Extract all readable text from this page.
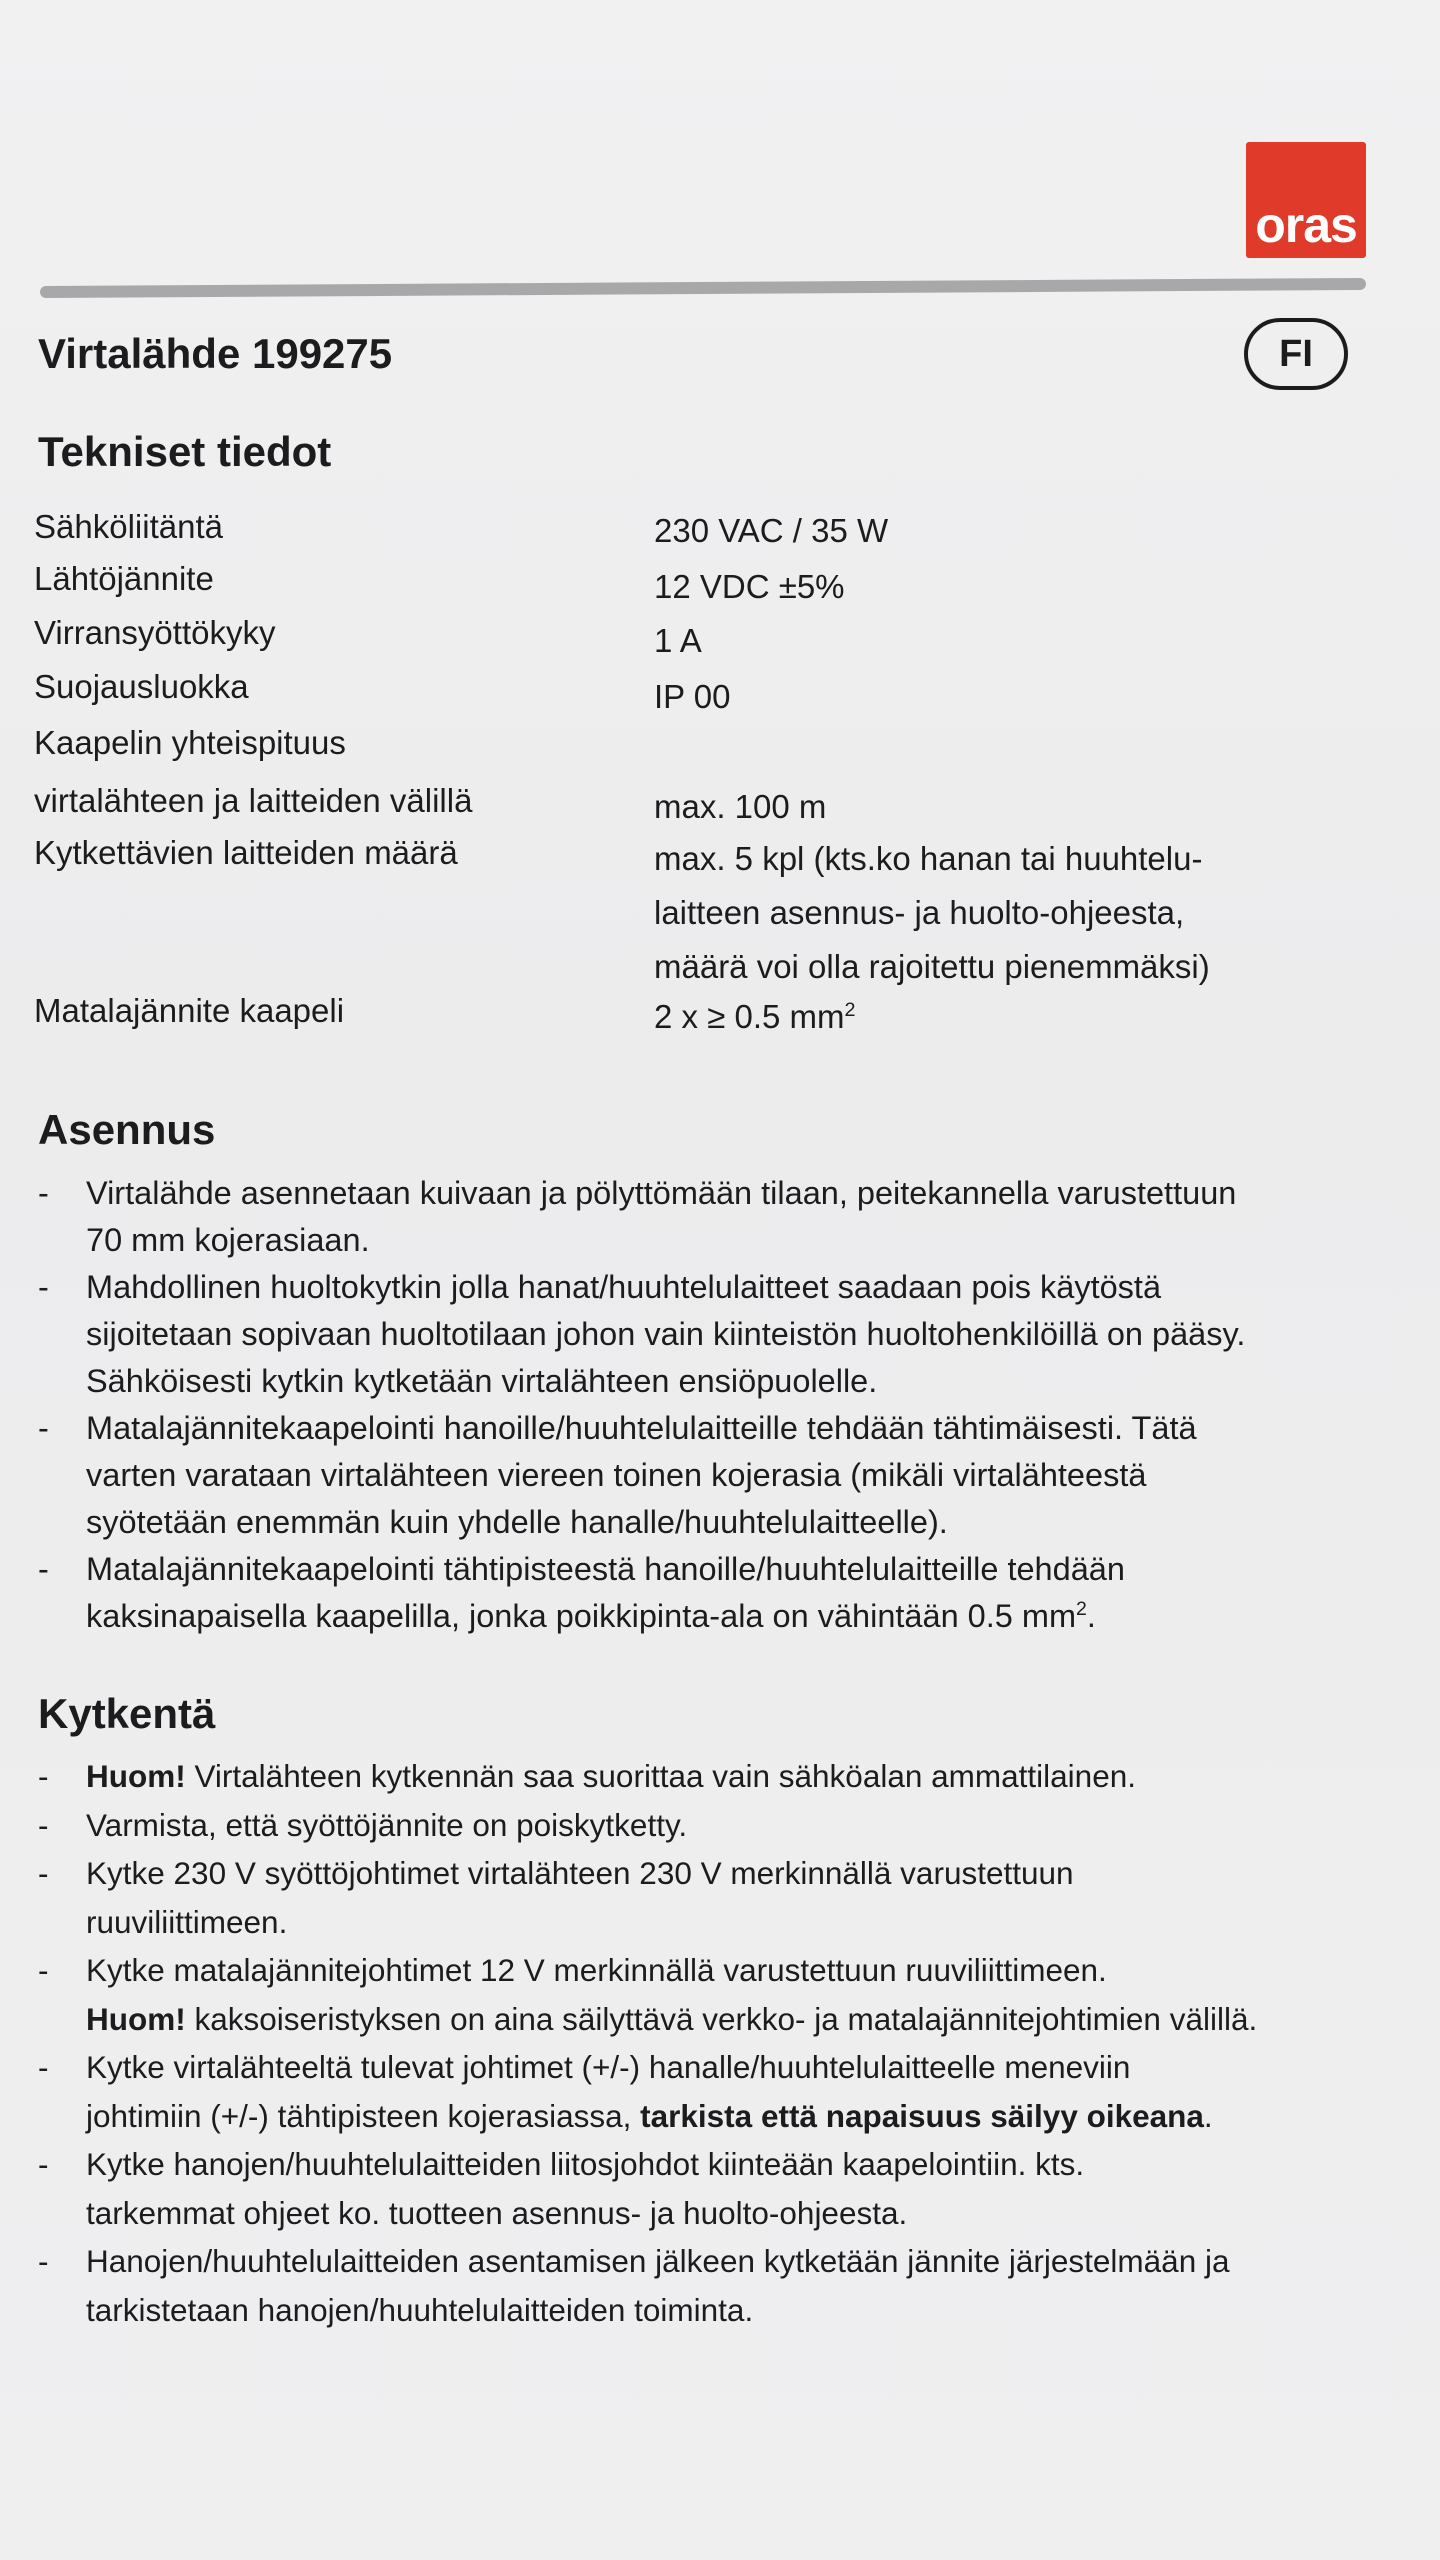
oras
Virtalähde 199275	FI
Tekniset tiedot
Sähköliitäntä	230 VAC / 35 W
Lähtöjännite	12 VDC ±5%
Virransyöttökyky	1 A
Suojausluokka	IP 00
Kaapelin yhteispituus
virtalähteen ja laitteiden välillä	max. 100 m
Kytkettävien laitteiden määrä	max. 5 kpl (kts.ko hanan tai huuhtelu-
laitteen asennus- ja huolto-ohjeesta,
määrä voi olla rajoitettu pienemmäksi)
Matalajännite kaapeli	2 x ≥ 0.5 $mm^2$
Asennus
- Virtalähde asennetaan kuivaan ja pölyttömään tilaan, peitekannella varustettuun
70 mm kojerasiaan.
- Mahdollinen huoltokytkin jolla hanat/huuhtelulaitteet saadaan pois käytöstä
sijoitetaan sopivaan huoltotilaan johon vain kiinteistön huoltohenkilöillä on pääsy.
Sähköisesti kytkin kytketään virtalähteen ensiöpuolelle.
- Matalajännitekaapelointi hanoille/huuhtelulaitteille tehdään tähtimäisesti. Tätä
varten varataan virtalähteen viereen toinen kojerasia (mikäli virtalähteestä
syötetään enemmän kuin yhdelle hanalle/huuhtelulaitteelle).
- Matalajännitekaapelointi tähtipisteestä hanoille/huuhtelulaitteille tehdään
kaksinapaisella kaapelilla, jonka poikkipinta-ala on vähintään 0.5 $mm^2$.
Kytkentä
- Huom! Virtalähteen kytkennän saa suorittaa vain sähköalan ammattilainen.
- Varmista, että syöttöjännite on poiskytketty.
- Kytke 230 V syöttöjohtimet virtalähteen 230 V merkinnällä varustettuun
ruuviliittimeen.
- Kytke matalajännitejohtimet 12 V merkinnällä varustettuun ruuviliittimeen.
Huom! kaksoiseristyksen on aina säilyttävä verkko- ja matalajännitejohtimien välillä.
- Kytke virtalähteeltä tulevat johtimet (+/-) hanalle/huuhtelulaitteelle meneviin
johtimiin (+/-) tähtipisteen kojerasiassa, tarkista että napaisuus säilyy oikeana.
- Kytke hanojen/huuhtelulaitteiden liitosjohdot kiinteään kaapelointiin. kts.
tarkemmat ohjeet ko. tuotteen asennus- ja huolto-ohjeesta.
- Hanojen/huuhtelulaitteiden asentamisen jälkeen kytketään jännite järjestelmään ja
tarkistetaan hanojen/huuhtelulaitteiden toiminta.
